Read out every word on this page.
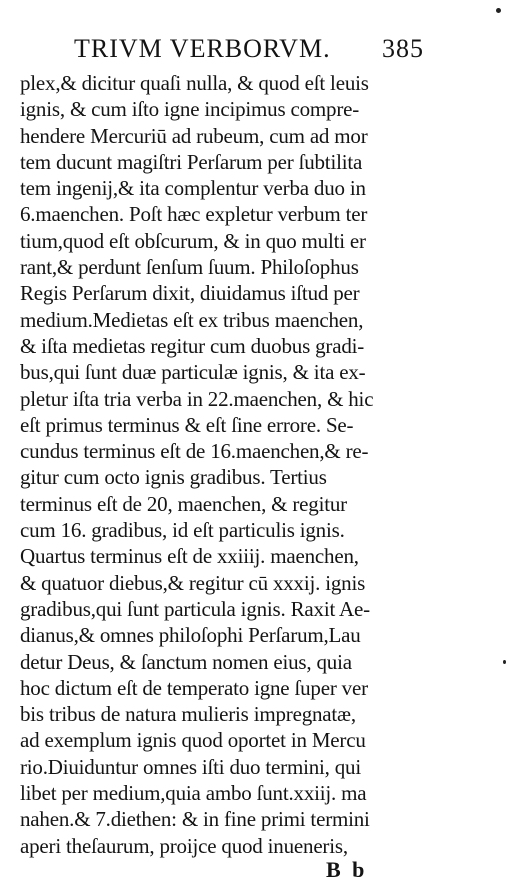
TRIVM VERBORVM. 385
plex,& dicitur quaſi nulla, & quod eſt leuis
ignis, & cum iſto igne incipimus compre-
hendere Mercuriū ad rubeum, cum ad mor
tem ducunt magiſtri Perſarum per ſubtilita
tem ingenij,& ita complentur verba duo in
6.maenchen. Poſt hæc expletur verbum ter
tium,quod eſt obſcurum, & in quo multi er
rant,& perdunt ſenſum ſuum. Philoſophus
Regis Perſarum dixit, diuidamus iſtud per
medium.Medietas eſt ex tribus maenchen,
& iſta medietas regitur cum duobus gradi-
bus,qui ſunt duæ particulæ ignis, & ita ex-
pletur iſta tria verba in 22.maenchen, & hic
eſt primus terminus & eſt ſine errore. Se-
cundus terminus eſt de 16.maenchen,& re-
gitur cum octo ignis gradibus. Tertius
terminus eſt de 20, maenchen, & regitur
cum 16. gradibus, id eſt particulis ignis.
Quartus terminus eſt de xxiiij. maenchen,
& quatuor diebus,& regitur cū xxxij. ignis
gradibus,qui ſunt particula ignis. Raxit Ae-
dianus,& omnes philoſophi Perſarum,Lau
detur Deus, & ſanctum nomen eius, quia
hoc dictum eſt de temperato igne ſuper ver
bis tribus de natura mulieris impregnatæ,
ad exemplum ignis quod oportet in Mercu
rio.Diuiduntur omnes iſti duo termini, qui
libet per medium,quia ambo ſunt.xxiij. ma
nahen.& 7.diethen: & in fine primi termini
aperi theſaurum, proijce quod inueneris,
B b
